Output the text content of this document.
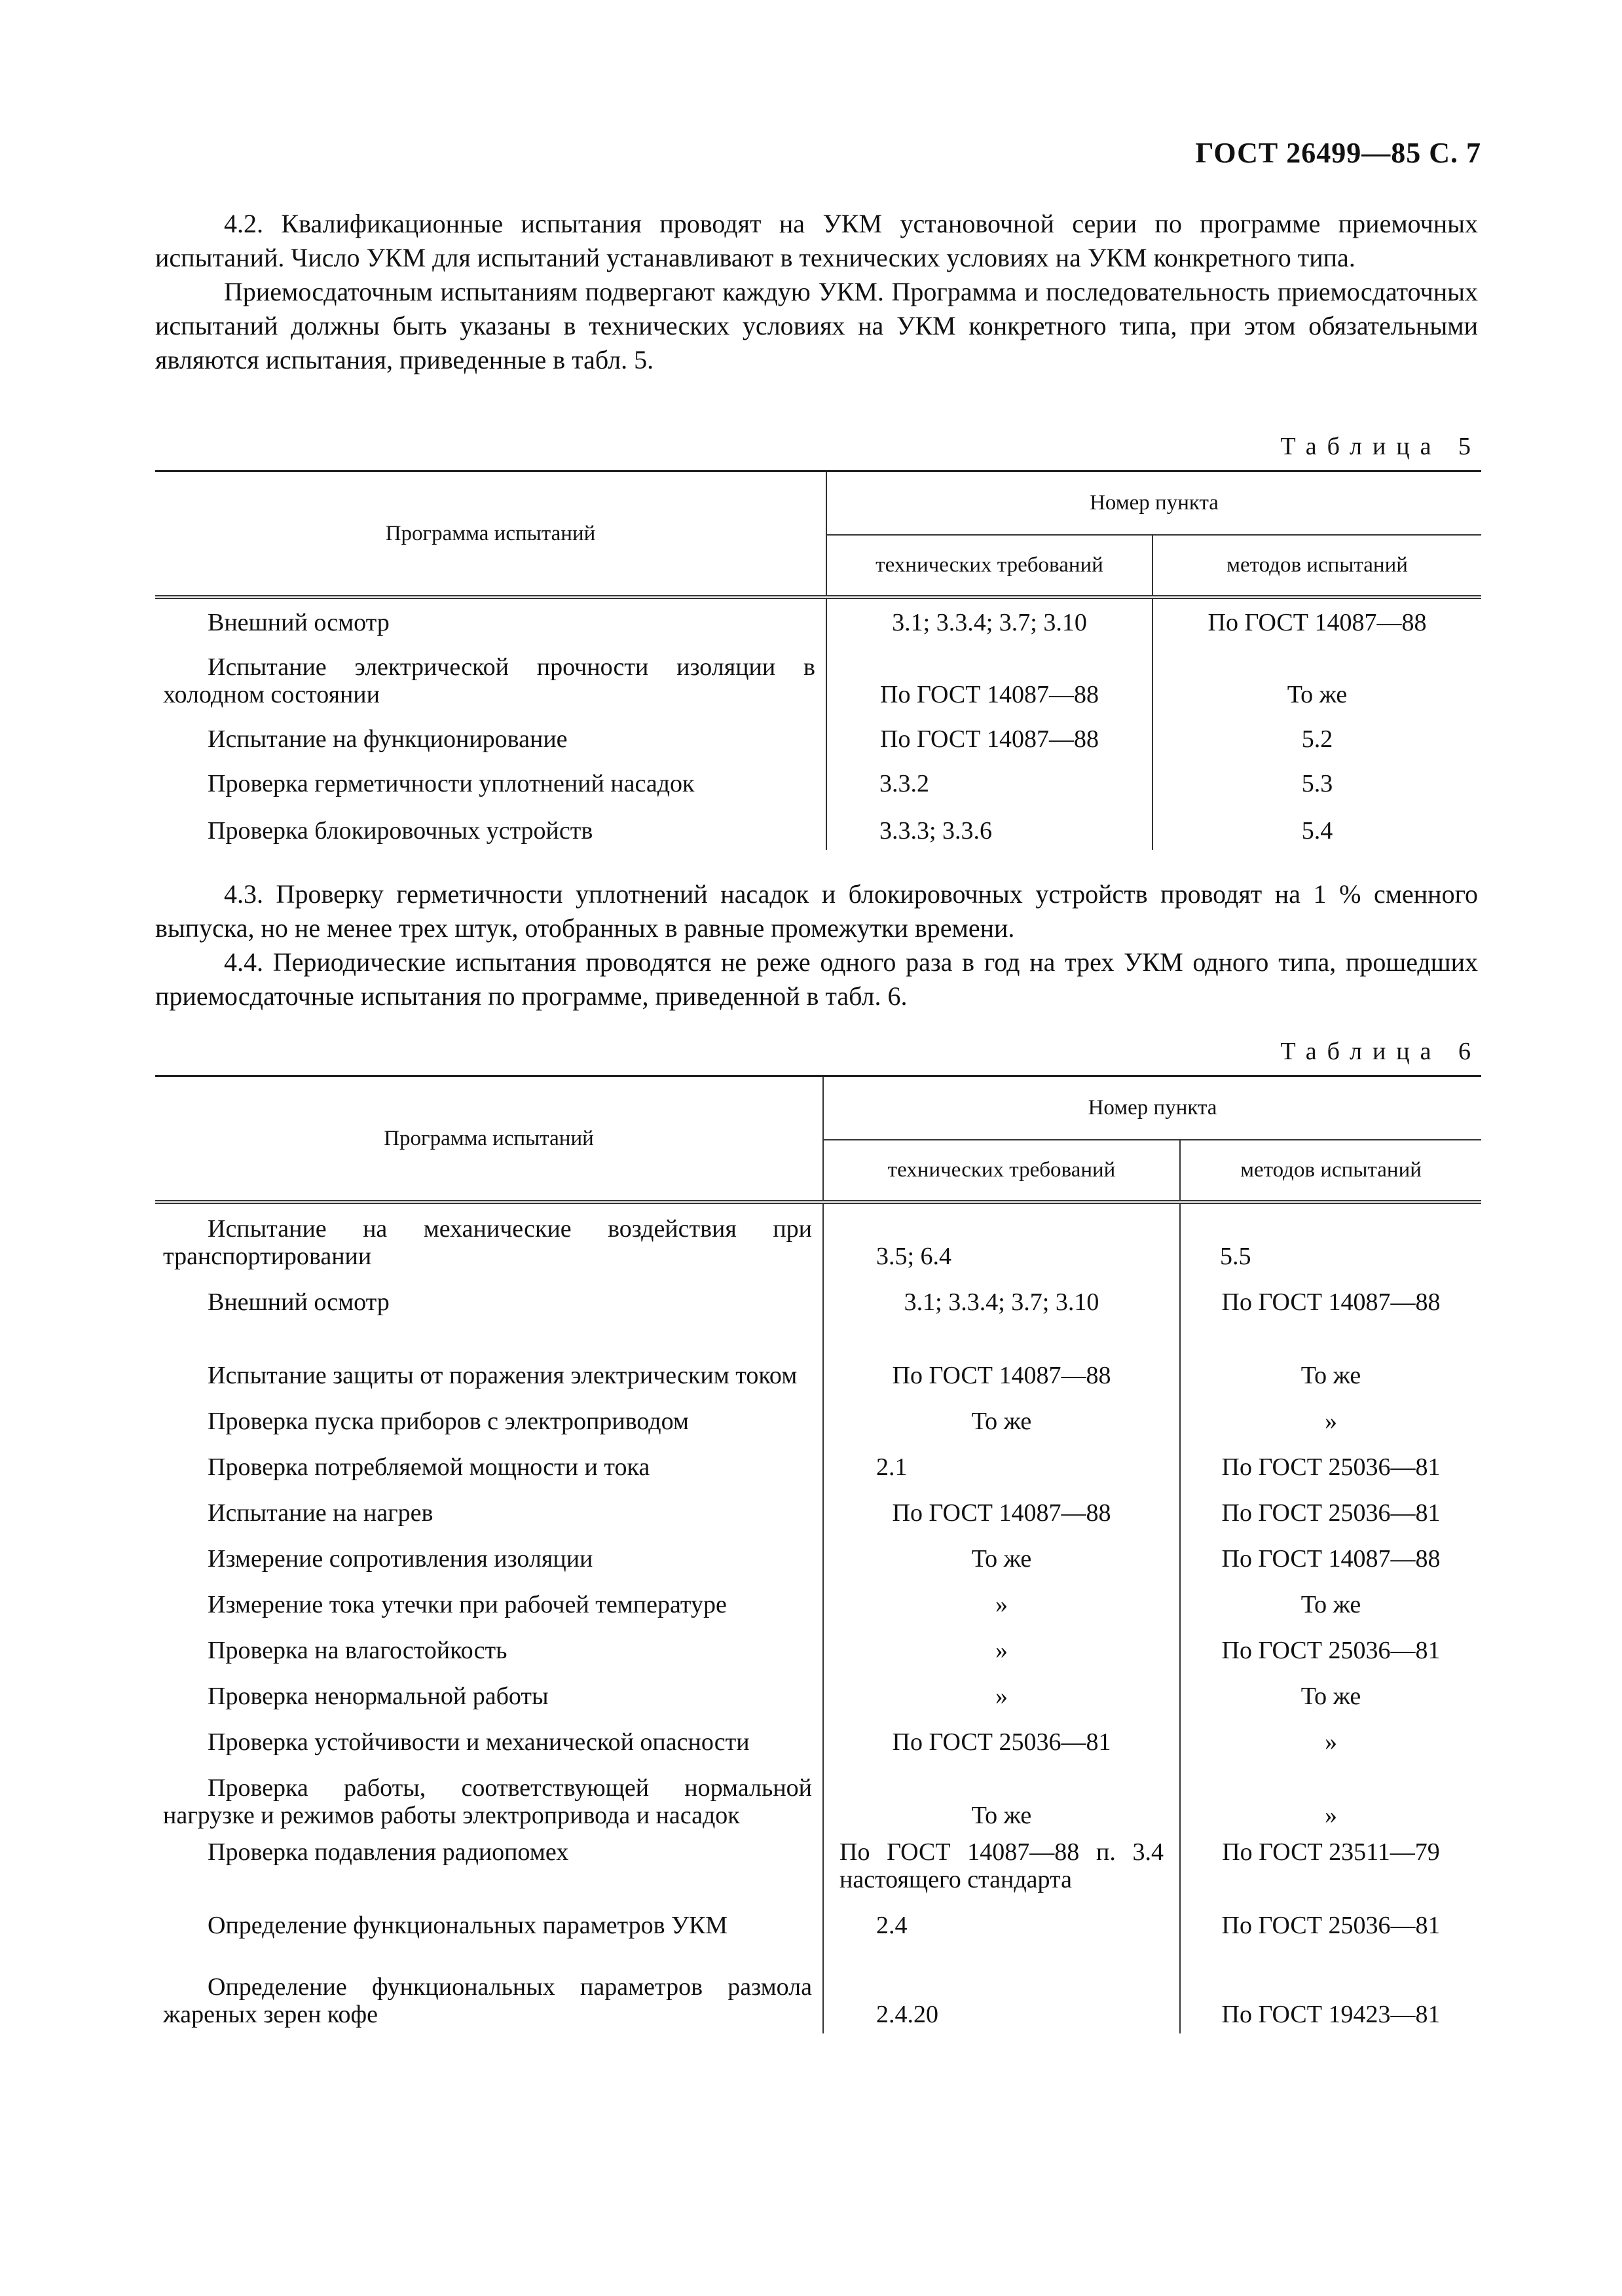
ГОСТ 26499—85 С. 7

4.2. Квалификационные испытания проводят на УКМ установочной серии по программе приемочных испытаний. Число УКМ для испытаний устанавливают в технических условиях на УКМ конкретного типа.

Приемосдаточным испытаниям подвергают каждую УКМ. Программа и последовательность приемосдаточных испытаний должны быть указаны в технических условиях на УКМ конкретного типа, при этом обязательными являются испытания, приведенные в табл. 5.

Таблица 5
Программа испытаний	Номер пункта	
	технических требований	методов испытаний
Внешний осмотр	3.1; 3.3.4; 3.7; 3.10	По ГОСТ 14087—88
Испытание электрической прочности изоляции в холодном состоянии	По ГОСТ 14087—88	То же
Испытание на функционирование	По ГОСТ 14087—88	5.2
Проверка герметичности уплотнений насадок	3.3.2	5.3
Проверка блокировочных устройств	3.3.3; 3.3.6	5.4

4.3. Проверку герметичности уплотнений насадок и блокировочных устройств проводят на 1 % сменного выпуска, но не менее трех штук, отобранных в равные промежутки времени.

4.4. Периодические испытания проводятся не реже одного раза в год на трех УКМ одного типа, прошедших приемосдаточные испытания по программе, приведенной в табл. 6.

Таблица 6
Программа испытаний	Номер пункта	
	технических требований	методов испытаний
Испытание на механические воздействия при транспортировании	3.5; 6.4	5.5
Внешний осмотр	3.1; 3.3.4; 3.7; 3.10	По ГОСТ 14087—88
Испытание защиты от поражения электрическим током	По ГОСТ 14087—88	То же
Проверка пуска приборов с электроприводом	То же	»
Проверка потребляемой мощности и тока	2.1	По ГОСТ 25036—81
Испытание на нагрев	По ГОСТ 14087—88	По ГОСТ 25036—81
Измерение сопротивления изоляции	То же	По ГОСТ 14087—88
Измерение тока утечки при рабочей температуре	»	То же
Проверка на влагостойкость	»	По ГОСТ 25036—81
Проверка ненормальной работы	»	То же
Проверка устойчивости и механической опасности	По ГОСТ 25036—81	»
Проверка работы, соответствующей нормальной нагрузке и режимов работы электропривода и насадок	То же	»
Проверка подавления радиопомех	По ГОСТ 14087—88 п. 3.4 настоящего стандарта	По ГОСТ 23511—79
Определение функциональных параметров УКМ	2.4	По ГОСТ 25036—81
Определение функциональных параметров размола жареных зерен кофе	2.4.20	По ГОСТ 19423—81
